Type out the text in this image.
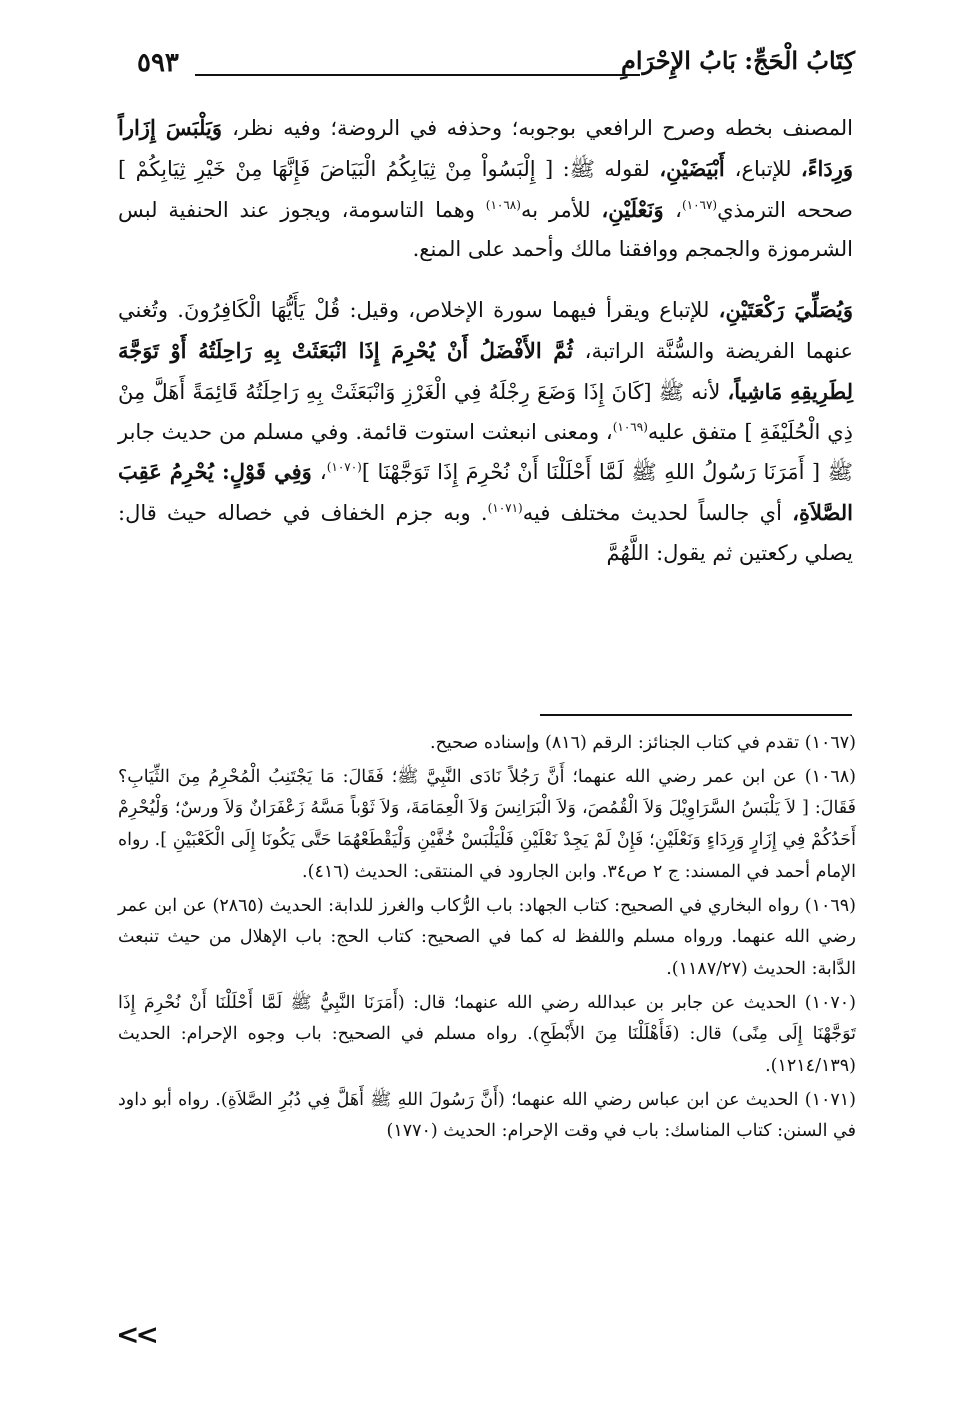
٥٩٣	كِتَابُ الْحَجِّ: بَابُ الإِحْرَامِ

المصنف بخطه وصرح الرافعي بوجوبه؛ وحذفه في الروضة؛ وفيه نظر، وَيَلْبَسَ إِزَاراً وَرِدَاءً، للإتباع، أَبْيَضَيْنِ، لقوله ﷺ: [ إِلْبَسُواْ مِنْ ثِيَابِكُمُ الْبَيَاضَ فَإِنَّهَا مِنْ خَيْرِ ثِيَابِكُمْ ] صححه الترمذي$^{(١٠٦٧)}$، وَنَعْلَيْنِ، للأمر به$^{(١٠٦٨)}$ وهما التاسومة، ويجوز عند الحنفية لبس الشرموزة والجمجم ووافقنا مالك وأحمد على المنع.

وَيُصَلِّيَ رَكْعَتَيْنِ، للإتباع ويقرأ فيهما سورة الإخلاص، وقيل: قُلْ يَأَيُّهَا الْكَافِرُونَ. وتُغني عنهما الفريضة والسُّنَّة الراتبة، ثُمَّ الأَفْضَلُ أَنْ يُحْرِمَ إِذَا انْبَعَثَتْ بِهِ رَاحِلَتُهُ أَوْ تَوَجَّهَ لِطَرِيقِهِ مَاشِياً، لأنه ﷺ [كَانَ إِذَا وَضَعَ رِجْلَهُ فِي الْغَرْزِ وَانْبَعَثَتْ بِهِ رَاحِلَتُهُ قَائِمَةً أَهَلَّ مِنْ ذِي الْحُلَيْفَةِ ] متفق عليه$^{(١٠٦٩)}$، ومعنى انبعثت استوت قائمة. وفي مسلم من حديث جابر ﷺ [ أَمَرَنَا رَسُولُ اللهِ ﷺ لَمَّا أَحْلَلْنَا أَنْ نُحْرِمَ إِذَا تَوَجَّهْنَا ]$^{(١٠٧٠)}$، وَفِي قَوْلٍ: يُحْرِمُ عَقِبَ الصَّلاَةِ، أي جالساً لحديث مختلف فيه$^{(١٠٧١)}$. وبه جزم الخفاف في خصاله حيث قال: يصلي ركعتين ثم يقول: اللَّهُمَّ

(١٠٦٧) تقدم في كتاب الجنائز: الرقم (٨١٦) وإسناده صحيح.

(١٠٦٨) عن ابن عمر رضي الله عنهما؛ أَنَّ رَجُلاً نَادَى النَّبِيَّ ﷺ؛ فَقَالَ: مَا يَجْتَنِبُ الْمُحْرِمُ مِنَ الثِّيَابِ؟ فَقَالَ: [ لاَ يَلْبَسُ السَّرَاوِيْلَ وَلاَ الْقُمُصَ، وَلاَ الْبَرَانِسَ وَلاَ الْعِمَامَةَ، وَلاَ ثَوْباً مَسَّهُ زَعْفَرَانٌ وَلاَ ورسٌ؛ وَلْيُحْرِمْ أَحَدُكُمْ فِي إِزَارٍ وَرِدَاءٍ وَنَعْلَيْنِ؛ فَإِنْ لَمْ يَجِدْ نَعْلَيْنِ فَلْيَلْبَسْ خُفَّيْنِ وَلْيَقْطَعْهُمَا حَتَّى يَكُونَا إِلَى الْكَعْبَيْنِ ]. رواه الإمام أحمد في المسند: ج ٢ ص٣٤. وابن الجارود في المنتقى: الحديث (٤١٦).

(١٠٦٩) رواه البخاري في الصحيح: كتاب الجهاد: باب الرُّكاب والغرز للدابة: الحديث (٢٨٦٥) عن ابن عمر رضي الله عنهما. ورواه مسلم واللفظ له كما في الصحيح: كتاب الحج: باب الإهلال من حيث تنبعث الدَّابة: الحديث (١١٨٧/٢٧).

(١٠٧٠) الحديث عن جابر بن عبدالله رضي الله عنهما؛ قال: (أَمَرَنَا النَّبِيُّ ﷺ لَمَّا أَحْلَلْنَا أَنْ نُحْرِمَ إِذَا تَوَجَّهْنَا إِلَى مِنًى) قال: (فَأَهْلَلْنَا مِنَ الأَبْطَحِ). رواه مسلم في الصحيح: باب وجوه الإحرام: الحديث (١٢١٤/١٣٩).

(١٠٧١) الحديث عن ابن عباس رضي الله عنهما؛ (أَنَّ رَسُولَ اللهِ ﷺ أَهَلَّ فِي دُبُرِ الصَّلاَةِ). رواه أبو داود في السنن: كتاب المناسك: باب في وقت الإحرام: الحديث (١٧٧٠)

<<
